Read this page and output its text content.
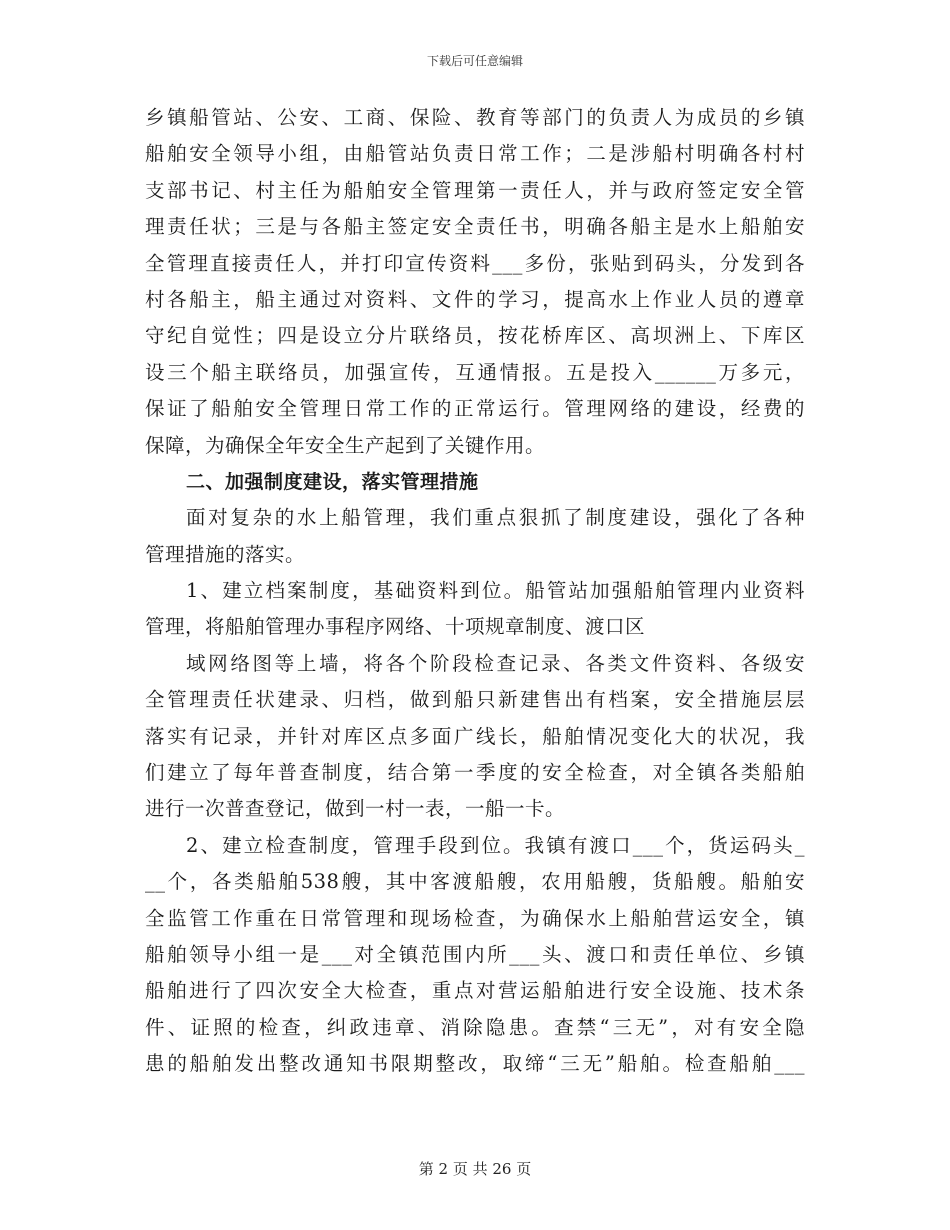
下载后可任意编辑
乡镇船管站、公安、工商、保险、教育等部门的负责人为成员的乡镇
船舶安全领导小组，由船管站负责日常工作；二是涉船村明确各村村
支部书记、村主任为船舶安全管理第一责任人，并与政府签定安全管
理责任状；三是与各船主签定安全责任书，明确各船主是水上船舶安
全管理直接责任人，并打印宣传资料___多份，张贴到码头，分发到各
村各船主，船主通过对资料、文件的学习，提高水上作业人员的遵章
守纪自觉性；四是设立分片联络员，按花桥库区、高坝洲上、下库区
设三个船主联络员，加强宣传，互通情报。五是投入______万多元，
保证了船舶安全管理日常工作的正常运行。管理网络的建设，经费的
保障，为确保全年安全生产起到了关键作用。
二、加强制度建设，落实管理措施
面对复杂的水上船管理，我们重点狠抓了制度建设，强化了各种
管理措施的落实。
1、建立档案制度，基础资料到位。船管站加强船舶管理内业资料
管理，将船舶管理办事程序网络、十项规章制度、渡口区
域网络图等上墙，将各个阶段检查记录、各类文件资料、各级安
全管理责任状建录、归档，做到船只新建售出有档案，安全措施层层
落实有记录，并针对库区点多面广线长，船舶情况变化大的状况，我
们建立了每年普查制度，结合第一季度的安全检查，对全镇各类船舶
进行一次普查登记，做到一村一表，一船一卡。
2、建立检查制度，管理手段到位。我镇有渡口___个，货运码头_
__个，各类船舶538艘，其中客渡船艘，农用船艘，货船艘。船舶安
全监管工作重在日常管理和现场检查，为确保水上船舶营运安全，镇
船舶领导小组一是___对全镇范围内所___头、渡口和责任单位、乡镇
船舶进行了四次安全大检查，重点对营运船舶进行安全设施、技术条
件、证照的检查，纠政违章、消除隐患。查禁“三无”，对有安全隐
患的船舶发出整改通知书限期整改，取缔“三无”船舶。检查船舶___
第 2 页 共 26 页
